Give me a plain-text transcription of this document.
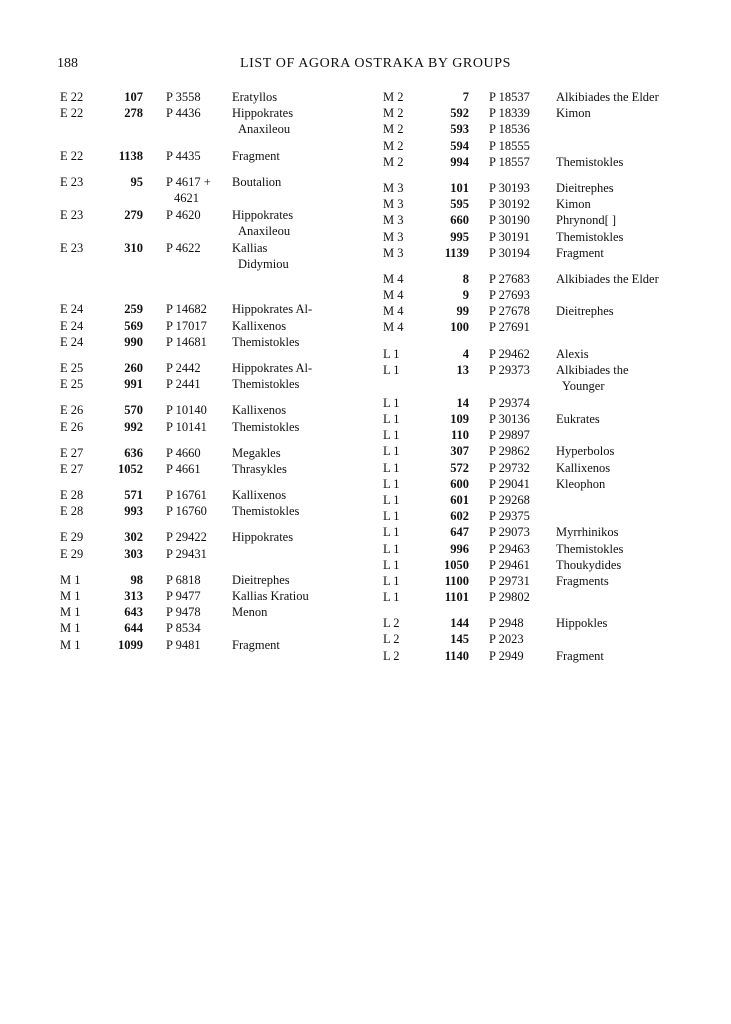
188	LIST OF AGORA OSTRAKA BY GROUPS
E 22	107 P 3558	Eratyllos
E 22	278 P 4436	Hippokrates
Anaxileou
E 22	1138 P 4435	Fragment
E 23	95 P 4617 + Boutalion
4621
E 23	279 P 4620	Hippokrates
Anaxileou
E 23	310 P 4622	Kallias
Didymiou
E 24	259 P 14682 Hippokrates Al-
E 24	569 P 17017 Kallixenos
E 24	990 P 14681 Themistokles
E 25	260 P 2442	Hippokrates Al-
E 25	991 P 2441	Themistokles
E 26	570 P 10140 Kallixenos
E 26	992 P 10141 Themistokles
E 27	636 P 4660	Megakles
E 27	1052 P 4661	Thrasykles
E 28	571 P 16761 Kallixenos
E 28	993 P 16760 Themistokles
E 29	302 P 29422 Hippokrates
E 29	303 P 29431
M 1	98 P 6818	Dieitrephes
M 1	313 P 9477	Kallias Kratiou
M 1	643 P 9478	Menon
M 1	644 P 8534
M 1	1099 P 9481	Fragment
M 2	7 P 18537 Alkibiades the Elder
M 2	592 P 18339 Kimon
M 2	593 P 18536
M 2	594 P 18555
M 2	994 P 18557 Themistokles
M 3	101 P 30193 Dieitrephes
M 3	595 P 30192 Kimon
M 3	660 P 30190 Phrynond[ ]
M 3	995 P 30191 Themistokles
M 3	1139 P 30194 Fragment
M 4	8 P 27683 Alkibiades the Elder
M 4	9 P 27693
M 4	99 P 27678 Dieitrephes
M 4	100 P 27691
L 1	4 P 29462 Alexis
L 1	13 P 29373 Alkibiades the
Younger
L 1	14 P 29374
L 1	109 P 30136 Eukrates
L 1	110 P 29897
L 1	307 P 29862 Hyperbolos
L 1	572 P 29732 Kallixenos
L 1	600 P 29041 Kleophon
L 1	601 P 29268
L 1	602 P 29375
L 1	647 P 29073 Myrrhinikos
L 1	996 P 29463 Themistokles
L 1	1050 P 29461 Thoukydides
L 1	1100 P 29731 Fragments
L 1	1101 P 29802
L 2	144 P 2948	Hippokles
L 2	145 P 2023
L 2	1140 P 2949	Fragment
